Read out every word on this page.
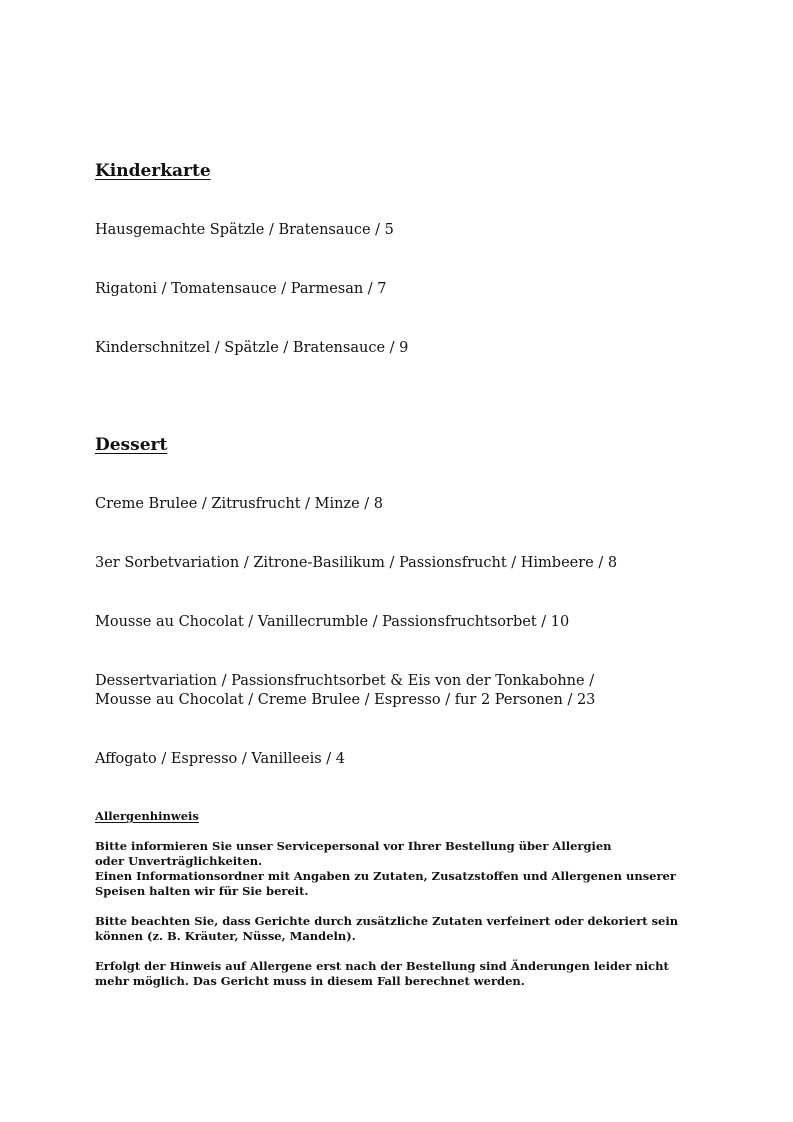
Kinderkarte

Hausgemachte Spätzle / Bratensauce / 5

Rigatoni / Tomatensauce / Parmesan / 7

Kinderschnitzel / Spätzle / Bratensauce / 9

Dessert

Creme Brulee / Zitrusfrucht / Minze / 8

3er Sorbetvariation / Zitrone-Basilikum / Passionsfrucht / Himbeere / 8

Mousse au Chocolat / Vanillecrumble / Passionsfruchtsorbet / 10

Dessertvariation / Passionsfruchtsorbet & Eis von der Tonkabohne / Mousse au Chocolat / Creme Brulee / Espresso / fur 2 Personen / 23

Affogato / Espresso / Vanilleeis / 4

Allergenhinweis

Bitte informieren Sie unser Servicepersonal vor Ihrer Bestellung über Allergien oder Unverträglichkeiten.

Einen Informationsordner mit Angaben zu Zutaten, Zusatzstoffen und Allergenen unserer Speisen halten wir für Sie bereit.

Bitte beachten Sie, dass Gerichte durch zusätzliche Zutaten verfeinert oder dekoriert sein können (z. B. Kräuter, Nüsse, Mandeln).

Erfolgt der Hinweis auf Allergene erst nach der Bestellung sind Änderungen leider nicht mehr möglich. Das Gericht muss in diesem Fall berechnet werden.
